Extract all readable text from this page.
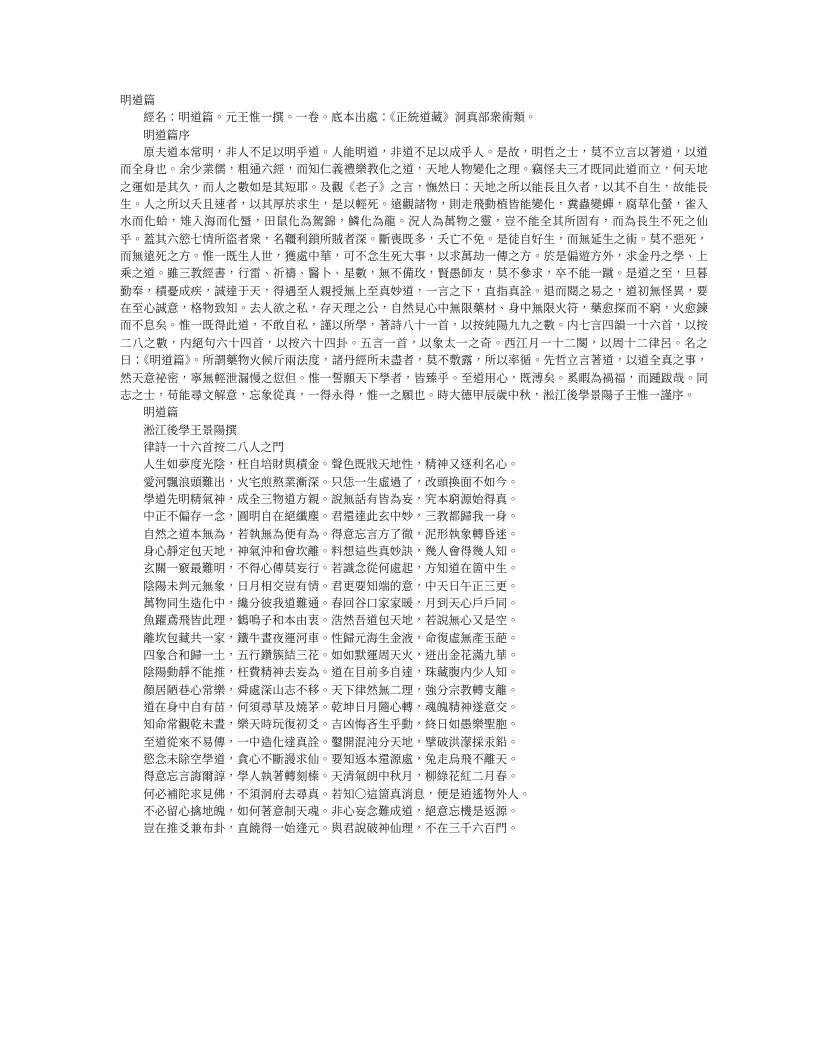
明道篇

經名：明道篇。元王惟一撰。一卷。底本出處：《正統道藏》洞真部衆術類。

明道篇序

原夫道本常明，非人不足以明乎道。人能明道，非道不足以成乎人。是故，明哲之士，莫不立言以著道，以道而全身也。余少業儒，粗通六經，而知仁義禮樂教化之道，天地人物變化之理。竊怪夫三才既同此道而立，何天地之運如是其久，而人之數如是其短耶。及觀《老子》之言，憮然曰：天地之所以能長且久者，以其不自生，故能長生。人之所以夭且速者，以其厚於求生，是以輕死。遠觀諸物，則走飛動植皆能變化，糞蟲變蟬，腐草化螢，雀入水而化蛤，雉入海而化蜃，田鼠化為駕錦，鱗化為龍。況人為萬物之靈，豈不能全其所固有，而為長生不死之仙乎。蓋其六慾七情所盜者衆，名韁利鎖所賊者深。斷喪既多，夭亡不免。是徒自好生，而無延生之術。莫不惡死，而無遠死之方。惟一既生人世，獲處中華，可不念生死大事，以求萬劫一傳之方。於是偏遊方外，求金丹之學、上乘之道。雖三教經書，行雷、祈禱、醫卜、星數，無不備玫，賢愚師友，莫不參求，卒不能一蹴。是道之至，旦暮勤奉，積憂成疾，誠達于天，得遇至人親授無上至真妙道，一言之下，直指真詮。退而閱之易之，道初無怪異，要在至心誠意，格物致知。去人欲之私，存天理之公，自然見心中無限藥材、身中無限火符，藥愈探而不窮，火愈鍊而不息矣。惟一既得此道，不敢自私，謹以所學，著詩八十一首，以按純陽九九之數。内七言四韻一十六首，以按二八之數，内絕句六十四首，以按六十四卦。五言一首，以象太一之奇。西江月一十二闋，以周十二律呂。名之曰：《明道篇》。所謂藥物火候斤兩法度，諸丹經所未盡者，莫不敷露，所以率循。先哲立言著道，以道全真之事，然天意祕密，寧無輕泄漏慢之愆但。惟一誓願天下學者，皆臻乎。至道用心，既溥矣。奚暇為禍福，而踵跋哉。同志之士，苟能尋文解意，忘象從真，一得永得，惟一之願也。時大德甲辰歲中秋，淞江後學景陽子王惟一謹序。

明道篇

淞江後學王景陽撰

律詩一十六首按二八人之門

人生如夢度光陰，枉自培財與積金。聲色既戕天地性，精神又逐利名心。

愛河飄浪頭難出，火宅煎熬業漸深。只恁一生虛過了，改頭換面不如今。

學道先明精氣神，成全三物道方親。說無話有皆為妄，究本窮源始得真。

中正不偏存一念，圓明自在絕纖塵。君還達此玄中妙，三教都歸我一身。

自然之道本無為，若執無為便有為。得意忘言方了徹，泥形執象轉昏迷。

身心靜定包天地，神氣沖和會坎離。料想這些真妙訣，幾人會得幾人知。

玄關一竅最難明，不得心傳莫妄行。若識念從何處起，方知道在箇中生。

陰陽未判元無象，日月相交豈有情。君更要知端的意，中天日午正三更。

萬物同生造化中，纔分彼我道難通。春回谷口家家暖，月到天心戶戶同。

魚躍鳶飛皆此理，鶴鳴子和本由衷。浩然吾道包天地，若說無心又是空。

離坎包藏共一家，鐵牛晝夜運河車。性歸元海生金液，命復虛無產玉葩。

四象合和歸一土，五行鑽簇結三花。如如默運周天火，迸出金花滿九華。

陰陽動靜不能推，枉費精神去妄為。道在目前多自達，珠藏腹内少人知。

顏居陋巷心常樂，舜處深山志不移。天下律然無二理，強分宗教轉支離。

道在身中自有苗，何須尋草及燒茅。乾坤日月隨心轉，魂魄精神遂意交。

知命常觀乾未晝，樂天時玩復初爻。吉凶悔吝生乎動，終日如愚樂聖胞。

至道從來不易傳，一中造化達真詮。鑿開混沌分天地，擘破洪濛採汞鉛。

慾念未除空學道，貪心不斷謾求仙。要知返本還源處，兔走烏飛不離天。

得意忘言誨爾諄，學人執著轉刻榛。天清氣朗中秋月，柳綠花紅二月春。

何必補陀求見佛，不須洞府去尋真。若知〇這箇真消息，便是逍遙物外人。

不必留心擒地魄，如何著意制天魂。非心妄念難成道，絕意忘機是返源。

豈在推爻兼布卦，直饒得一始逢元。與君說破神仙理，不在三千六百門。
